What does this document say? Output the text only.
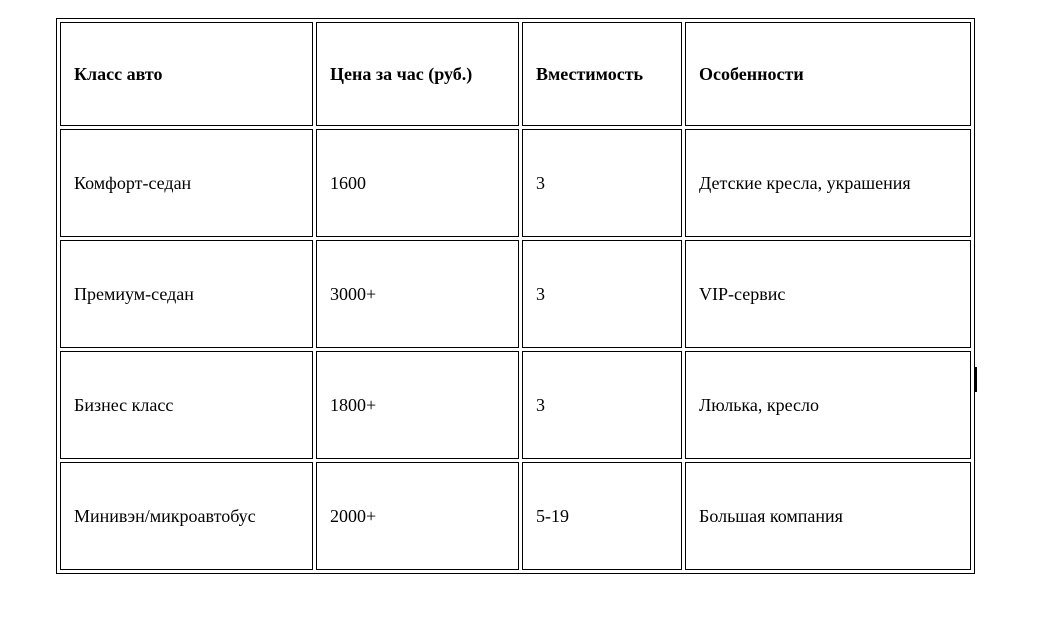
Класс авто	Цена за час (руб.)	Вместимость	Особенности
Комфорт-седан	1600	3	Детские кресла, украшения
Премиум-седан	3000+	3	VIP-сервис
Бизнес класс	1800+	3	Люлька, кресло
Минивэн/микроавтобус	2000+	5-19	Большая компания
